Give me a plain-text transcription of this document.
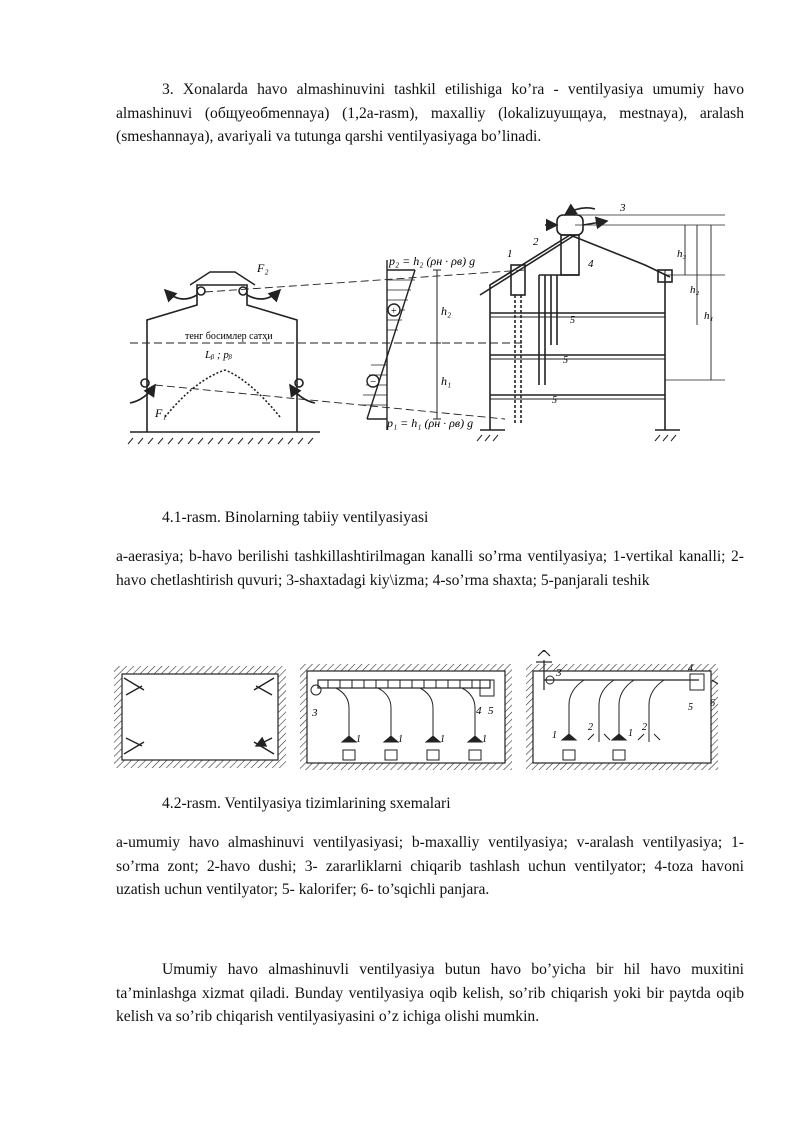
3. Xonalarda havo almashinuvini tashkil etilishiga ko’ra - ventilyasiya umumiy havo almashinuvi (общуеобmennaya) (1,2a-rasm), maxalliy (lokalizuyuщaya, mestnaya), aralash (smeshannaya), avariyali va tutunga qarshi ventilyasiyaga bo’linadi.

F₂
F₁
тенг босимлер сатҳи
Lᵦ ; pᵦ
+
−
p₂ = h₂ (ρн · ρв) g
p₁ = h₁ (ρн · ρв) g
h₂
h₁
1
2
3
4
5
5
5
h₃
h₂
h₁

4.1-rasm. Binolarning tabiiy ventilyasiyasi

a-aerasiya; b-havo berilishi tashkillashtirilmagan kanalli so’rma ventilyasiya; 1-vertikal kanalli; 2-havo chetlashtirish quvuri; 3-shaxtadagi kiy\izma; 4-so’rma shaxta; 5-panjarali teshik

3	4 5
1	1	1	1
3	4
5 6
1
2
1
2

4.2-rasm. Ventilyasiya tizimlarining sxemalari

a-umumiy havo almashinuvi ventilyasiyasi; b-maxalliy ventilyasiya; v-aralash ventilyasiya; 1-so’rma zont; 2-havo dushi; 3- zararliklarni chiqarib tashlash uchun ventilyator; 4-toza havoni uzatish uchun ventilyator; 5- kalorifer; 6- to’sqichli panjara.

Umumiy havo almashinuvli ventilyasiya butun havo bo’yicha bir hil havo muxitini ta’minlashga xizmat qiladi. Bunday ventilyasiya oqib kelish, so’rib chiqarish yoki bir paytda oqib kelish va so’rib chiqarish ventilyasiyasini o’z ichiga olishi mumkin.
